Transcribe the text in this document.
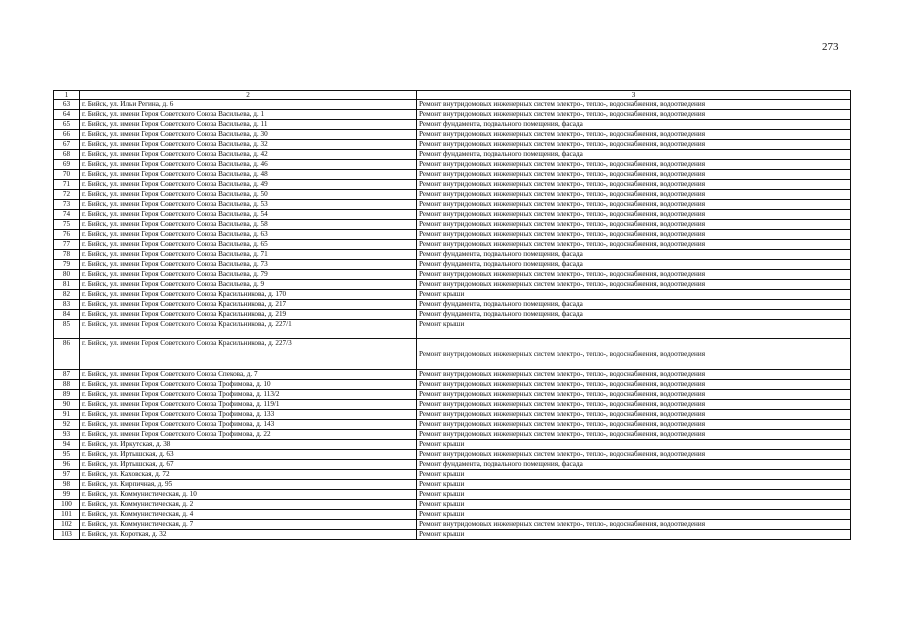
273
1	2	3
63	г. Бийск, ул. Ильи Регина, д. 6	Ремонт внутридомовых инженерных систем электро-, тепло-, водоснабжения, водоотведения
64	г. Бийск, ул. имени Героя Советского Союза Васильева, д. 1	Ремонт внутридомовых инженерных систем электро-, тепло-, водоснабжения, водоотведения
65	г. Бийск, ул. имени Героя Советского Союза Васильева, д. 11	Ремонт фундамента, подвального помещения, фасада
66	г. Бийск, ул. имени Героя Советского Союза Васильева, д. 30	Ремонт внутридомовых инженерных систем электро-, тепло-, водоснабжения, водоотведения
67	г. Бийск, ул. имени Героя Советского Союза Васильева, д. 32	Ремонт внутридомовых инженерных систем электро-, тепло-, водоснабжения, водоотведения
68	г. Бийск, ул. имени Героя Советского Союза Васильева, д. 42	Ремонт фундамента, подвального помещения, фасада
69	г. Бийск, ул. имени Героя Советского Союза Васильева, д. 46	Ремонт внутридомовых инженерных систем электро-, тепло-, водоснабжения, водоотведения
70	г. Бийск, ул. имени Героя Советского Союза Васильева, д. 48	Ремонт внутридомовых инженерных систем электро-, тепло-, водоснабжения, водоотведения
71	г. Бийск, ул. имени Героя Советского Союза Васильева, д. 49	Ремонт внутридомовых инженерных систем электро-, тепло-, водоснабжения, водоотведения
72	г. Бийск, ул. имени Героя Советского Союза Васильева, д. 50	Ремонт внутридомовых инженерных систем электро-, тепло-, водоснабжения, водоотведения
73	г. Бийск, ул. имени Героя Советского Союза Васильева, д. 53	Ремонт внутридомовых инженерных систем электро-, тепло-, водоснабжения, водоотведения
74	г. Бийск, ул. имени Героя Советского Союза Васильева, д. 54	Ремонт внутридомовых инженерных систем электро-, тепло-, водоснабжения, водоотведения
75	г. Бийск, ул. имени Героя Советского Союза Васильева, д. 58	Ремонт внутридомовых инженерных систем электро-, тепло-, водоснабжения, водоотведения
76	г. Бийск, ул. имени Героя Советского Союза Васильева, д. 63	Ремонт внутридомовых инженерных систем электро-, тепло-, водоснабжения, водоотведения
77	г. Бийск, ул. имени Героя Советского Союза Васильева, д. 65	Ремонт внутридомовых инженерных систем электро-, тепло-, водоснабжения, водоотведения
78	г. Бийск, ул. имени Героя Советского Союза Васильева, д. 71	Ремонт фундамента, подвального помещения, фасада
79	г. Бийск, ул. имени Героя Советского Союза Васильева, д. 73	Ремонт фундамента, подвального помещения, фасада
80	г. Бийск, ул. имени Героя Советского Союза Васильева, д. 79	Ремонт внутридомовых инженерных систем электро-, тепло-, водоснабжения, водоотведения
81	г. Бийск, ул. имени Героя Советского Союза Васильева, д. 9	Ремонт внутридомовых инженерных систем электро-, тепло-, водоснабжения, водоотведения
82	г. Бийск, ул. имени Героя Советского Союза Красильникова, д. 170	Ремонт крыши
83	г. Бийск, ул. имени Героя Советского Союза Красильникова, д. 217	Ремонт фундамента, подвального помещения, фасада
84	г. Бийск, ул. имени Героя Советского Союза Красильникова, д. 219	Ремонт фундамента, подвального помещения, фасада
85	г. Бийск, ул. имени Героя Советского Союза Красильникова, д. 227/1	Ремонт крыши
86	г. Бийск, ул. имени Героя Советского Союза Красильникова, д. 227/3	Ремонт внутридомовых инженерных систем электро-, тепло-, водоснабжения, водоотведения
87	г. Бийск, ул. имени Героя Советского Союза Спекова, д. 7	Ремонт внутридомовых инженерных систем электро-, тепло-, водоснабжения, водоотведения
88	г. Бийск, ул. имени Героя Советского Союза Трофимова, д. 10	Ремонт внутридомовых инженерных систем электро-, тепло-, водоснабжения, водоотведения
89	г. Бийск, ул. имени Героя Советского Союза Трофимова, д. 113/2	Ремонт внутридомовых инженерных систем электро-, тепло-, водоснабжения, водоотведения
90	г. Бийск, ул. имени Героя Советского Союза Трофимова, д. 119/1	Ремонт внутридомовых инженерных систем электро-, тепло-, водоснабжения, водоотведения
91	г. Бийск, ул. имени Героя Советского Союза Трофимова, д. 133	Ремонт внутридомовых инженерных систем электро-, тепло-, водоснабжения, водоотведения
92	г. Бийск, ул. имени Героя Советского Союза Трофимова, д. 143	Ремонт внутридомовых инженерных систем электро-, тепло-, водоснабжения, водоотведения
93	г. Бийск, ул. имени Героя Советского Союза Трофимова, д. 22	Ремонт внутридомовых инженерных систем электро-, тепло-, водоснабжения, водоотведения
94	г. Бийск, ул. Иркутская, д. 38	Ремонт крыши
95	г. Бийск, ул. Иртышская, д. 63	Ремонт внутридомовых инженерных систем электро-, тепло-, водоснабжения, водоотведения
96	г. Бийск, ул. Иртышская, д. 67	Ремонт фундамента, подвального помещения, фасада
97	г. Бийск, ул. Каховская, д. 72	Ремонт крыши
98	г. Бийск, ул. Кирпичная, д. 95	Ремонт крыши
99	г. Бийск, ул. Коммунистическая, д. 10	Ремонт крыши
100	г. Бийск, ул. Коммунистическая, д. 2	Ремонт крыши
101	г. Бийск, ул. Коммунистическая, д. 4	Ремонт крыши
102	г. Бийск, ул. Коммунистическая, д. 7	Ремонт внутридомовых инженерных систем электро-, тепло-, водоснабжения, водоотведения
103	г. Бийск, ул. Короткая, д. 32	Ремонт крыши
